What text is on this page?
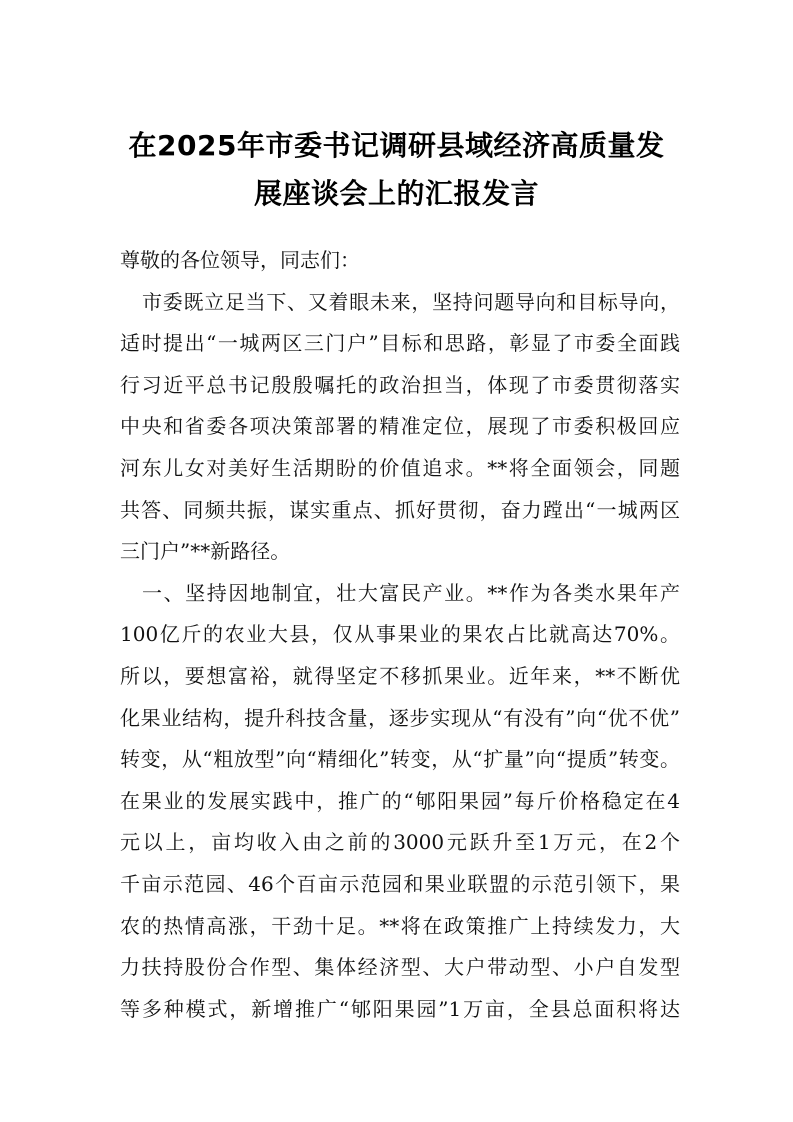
在2025年市委书记调研县域经济高质量发
展座谈会上的汇报发言
尊敬的各位领导，同志们：
市委既立足当下、又着眼未来，坚持问题导向和目标导向，
适时提出“一城两区三门户”目标和思路，彰显了市委全面践
行习近平总书记殷殷嘱托的政治担当，体现了市委贯彻落实
中央和省委各项决策部署的精准定位，展现了市委积极回应
河东儿女对美好生活期盼的价值追求。**将全面领会，同题
共答、同频共振，谋实重点、抓好贯彻，奋力蹚出“一城两区
三门户”**新路径。
一、坚持因地制宜，壮大富民产业。**作为各类水果年产
100亿斤的农业大县，仅从事果业的果农占比就高达70%。
所以，要想富裕，就得坚定不移抓果业。近年来，**不断优
化果业结构，提升科技含量，逐步实现从“有没有”向“优不优”
转变，从“粗放型”向“精细化”转变，从“扩量”向“提质”转变。
在果业的发展实践中，推广的“郇阳果园”每斤价格稳定在4
元以上，亩均收入由之前的3000元跃升至1万元，在2个
千亩示范园、46个百亩示范园和果业联盟的示范引领下，果
农的热情高涨，干劲十足。**将在政策推广上持续发力，大
力扶持股份合作型、集体经济型、大户带动型、小户自发型
等多种模式，新增推广“郇阳果园”1万亩，全县总面积将达
